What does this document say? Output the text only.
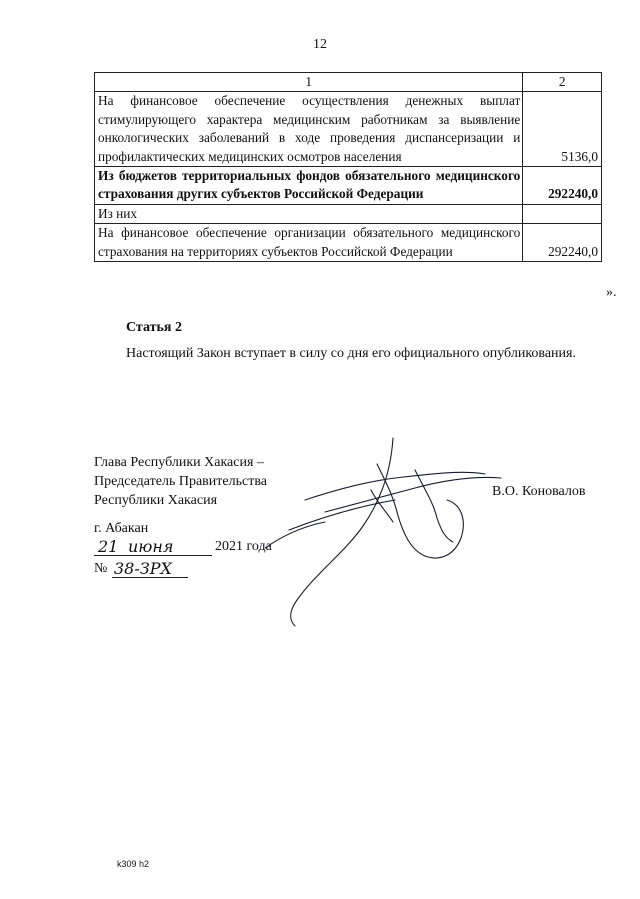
12
1	2
На финансовое обеспечение осуществления денежных выплат стимулирующего характера медицинским работникам за выявление онкологических заболеваний в ходе проведения диспансеризации и профилактических медицинских осмотров населения	5136,0
Из бюджетов территориальных фондов обязательного медицинского страхования других субъектов Российской Федерации	292240,0
Из них	
На финансовое обеспечение организации обязательного медицинского страхования на территориях субъектов Российской Федерации	292240,0
».
Статья 2
Настоящий Закон вступает в силу со дня его официального опубликования.
Глава Республики Хакасия –
Председатель Правительства
Республики Хакасия
В.О. Коновалов
г. Абакан
21 июня	2021 года
№ 38-ЗРХ
k309 h2
